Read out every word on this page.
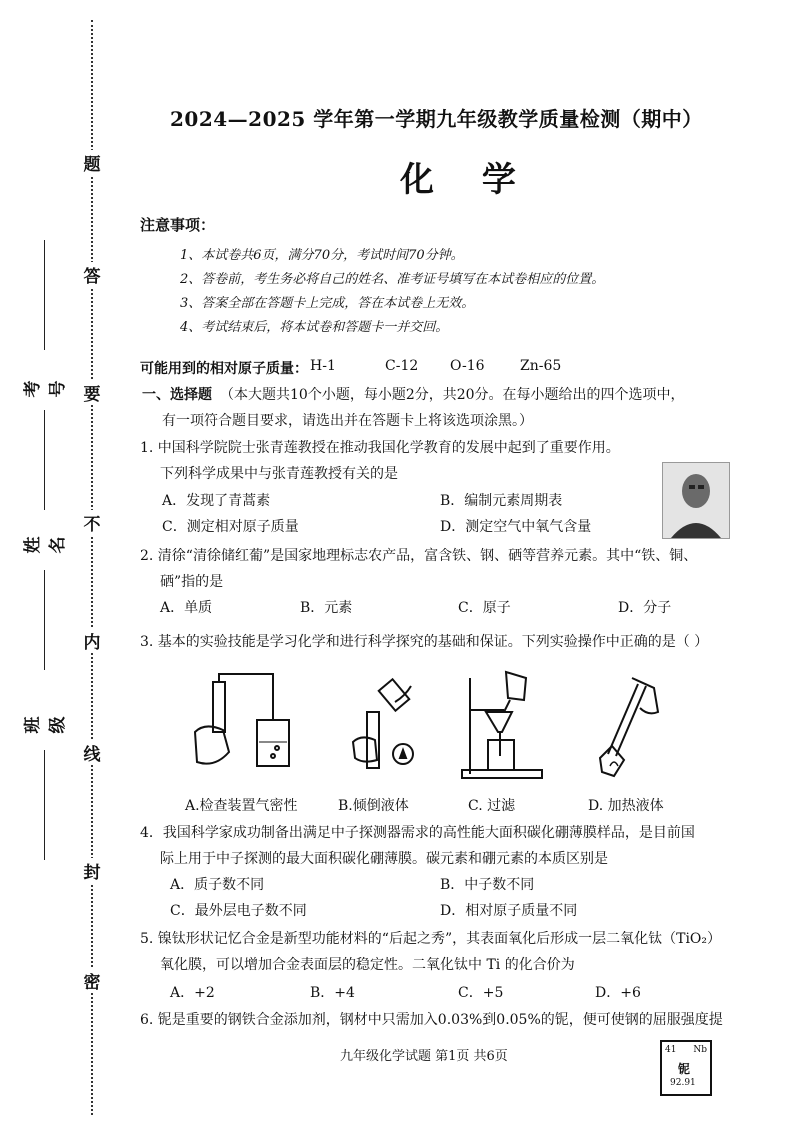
题
答
要
不
内
线
封
密
考号
姓名
班级
2024—2025 学年第一学期九年级教学质量检测（期中）
化 学
注意事项：
1、本试卷共6页，满分70分，考试时间70分钟。
2、答卷前，考生务必将自己的姓名、准考证号填写在本试卷相应的位置。
3、答案全部在答题卡上完成，答在本试卷上无效。
4、考试结束后，将本试卷和答题卡一并交回。
可能用到的相对原子质量： H-1	C-12 O-16	Zn-65
一、选择题 （本大题共10个小题，每小题2分，共20分。在每小题给出的四个选项中，
有一项符合题目要求，请选出并在答题卡上将该选项涂黑。）
1. 中国科学院院士张青莲教授在推动我国化学教育的发展中起到了重要作用。
下列科学成果中与张青莲教授有关的是
A．发现了青蒿素	B．编制元素周期表
C．测定相对原子质量	D．测定空气中氧气含量
2. 清徐“清徐储红葡”是国家地理标志农产品，富含铁、钢、硒等营养元素。其中“铁、铜、
硒”指的是
A．单质	B．元素	C．原子	D．分子
3. 基本的实验技能是学习化学和进行科学探究的基础和保证。下列实验操作中正确的是（ ）
A.检查装置气密性	B.倾倒液体	C. 过滤	D. 加热液体
4．我国科学家成功制备出满足中子探测器需求的高性能大面积碳化硼薄膜样品，是目前国
际上用于中子探测的最大面积碳化硼薄膜。碳元素和硼元素的本质区别是
A．质子数不同	B．中子数不同
C．最外层电子数不同	D．相对原子质量不同
5. 镍钛形状记忆合金是新型功能材料的“后起之秀”，其表面氧化后形成一层二氧化钛（TiO₂）
氧化膜，可以增加合金表面层的稳定性。二氧化钛中 Ti 的化合价为
A．+2	B．+4	C．+5	D．+6
6. 铌是重要的钢铁合金添加剂，钢材中只需加入0.03%到0.05%的铌，便可使钢的屈服强度提
九年级化学试题 第1页 共6页	41 Nb
铌
92.91
